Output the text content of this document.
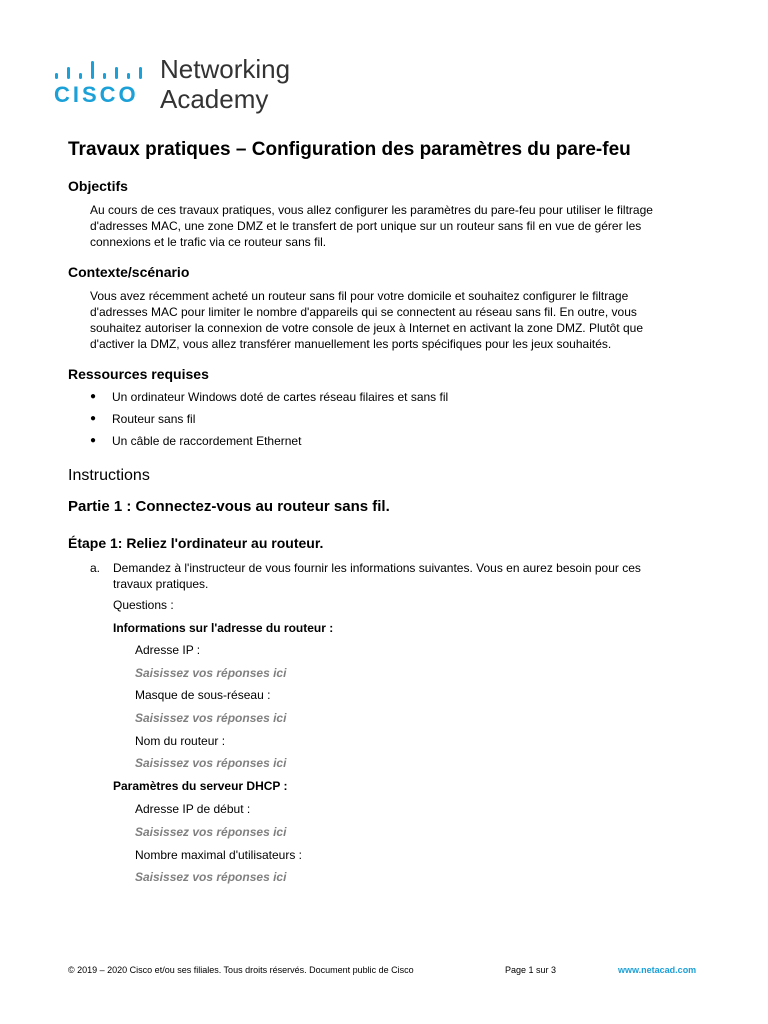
CISCO
Networking
Academy
Travaux pratiques – Configuration des paramètres du pare-feu
Objectifs
Au cours de ces travaux pratiques, vous allez configurer les paramètres du pare-feu pour utiliser le filtrage
d'adresses MAC, une zone DMZ et le transfert de port unique sur un routeur sans fil en vue de gérer les
connexions et le trafic via ce routeur sans fil.
Contexte/scénario
Vous avez récemment acheté un routeur sans fil pour votre domicile et souhaitez configurer le filtrage
d'adresses MAC pour limiter le nombre d'appareils qui se connectent au réseau sans fil. En outre, vous
souhaitez autoriser la connexion de votre console de jeux à Internet en activant la zone DMZ. Plutôt que
d'activer la DMZ, vous allez transférer manuellement les ports spécifiques pour les jeux souhaités.
Ressources requises
● Un ordinateur Windows doté de cartes réseau filaires et sans fil
● Routeur sans fil
● Un câble de raccordement Ethernet
Instructions
Partie 1 : Connectez-vous au routeur sans fil.
Étape 1: Reliez l'ordinateur au routeur.
a. Demandez à l'instructeur de vous fournir les informations suivantes. Vous en aurez besoin pour ces
travaux pratiques.
Questions :
Informations sur l'adresse du routeur :
Adresse IP :
Saisissez vos réponses ici
Masque de sous-réseau :
Saisissez vos réponses ici
Nom du routeur :
Saisissez vos réponses ici
Paramètres du serveur DHCP :
Adresse IP de début :
Saisissez vos réponses ici
Nombre maximal d'utilisateurs :
Saisissez vos réponses ici
© 2019 – 2020 Cisco et/ou ses filiales. Tous droits réservés. Document public de Cisco	Page 1 sur 3	www.netacad.com
